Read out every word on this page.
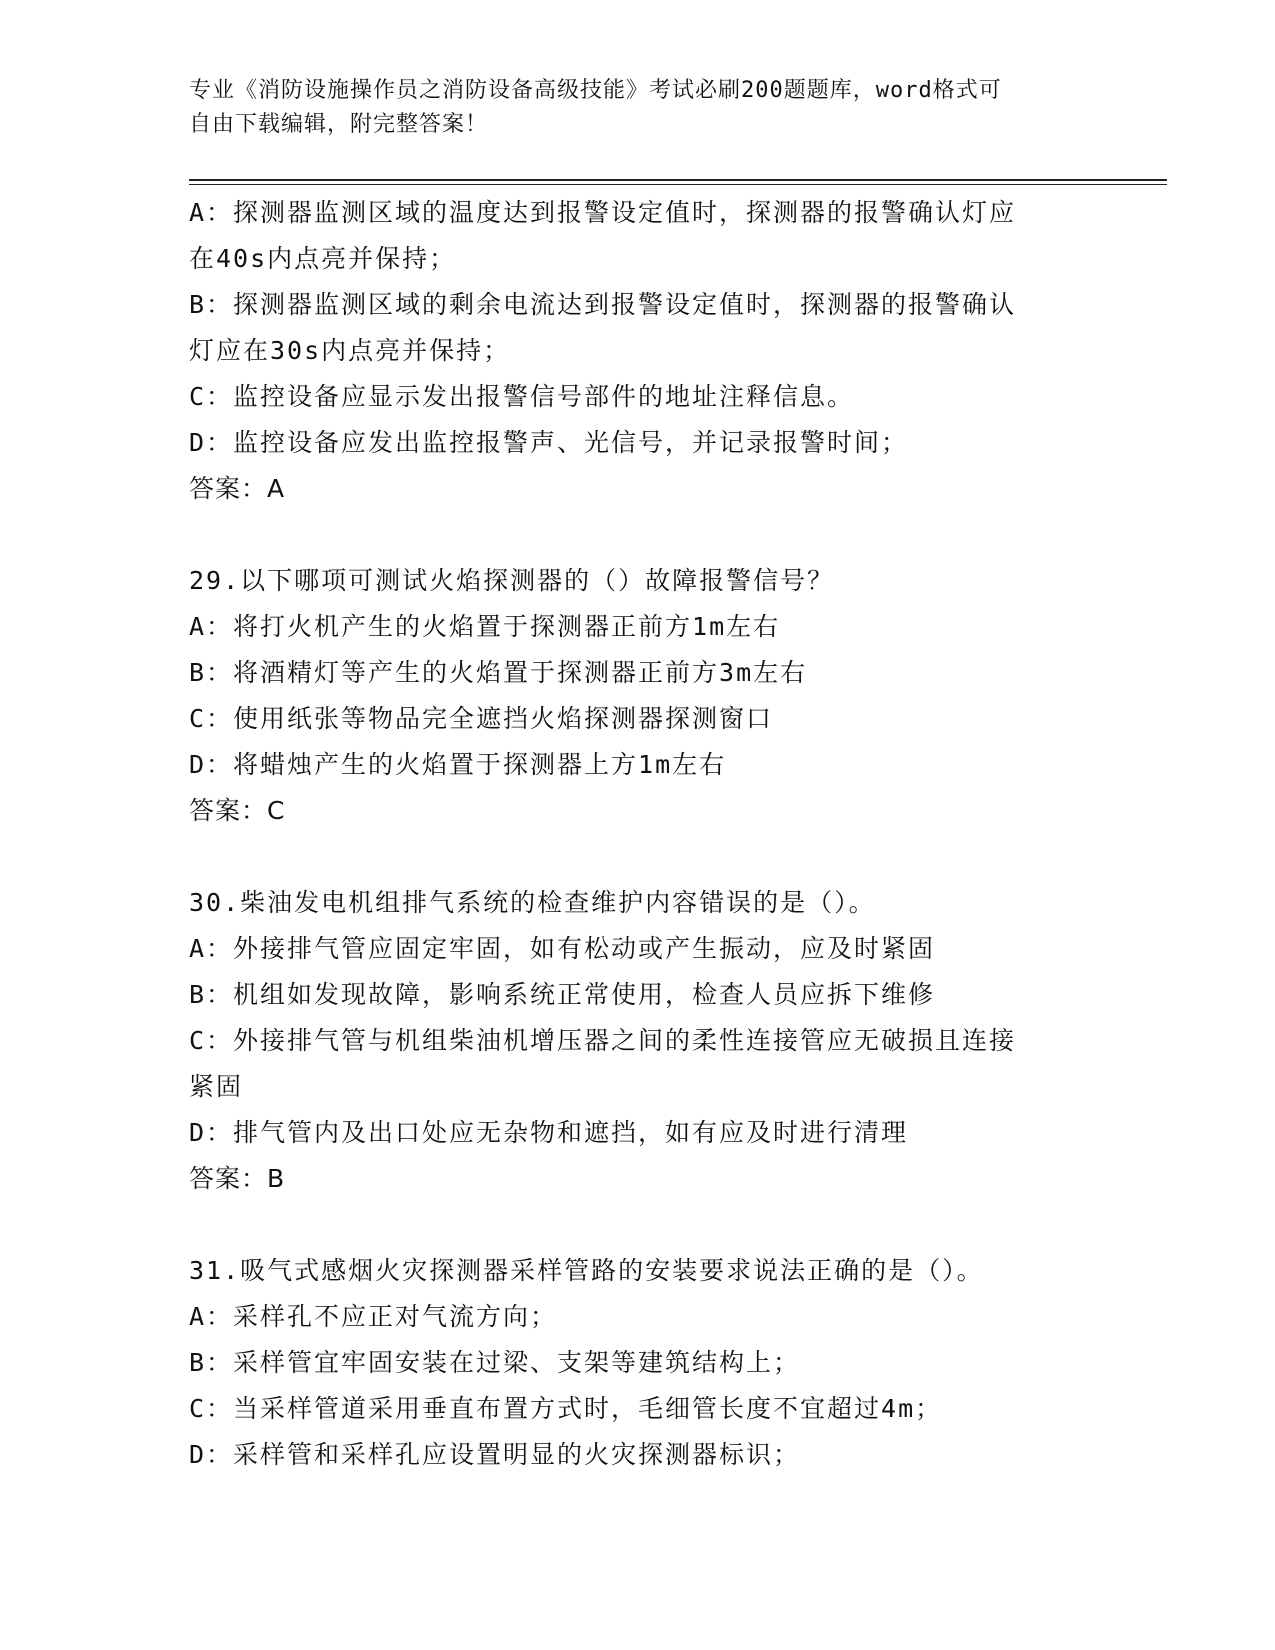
专业《消防设施操作员之消防设备高级技能》考试必刷200题题库，word格式可
自由下载编辑，附完整答案！
A：探测器监测区域的温度达到报警设定值时，探测器的报警确认灯应
在40s内点亮并保持；
B：探测器监测区域的剩余电流达到报警设定值时，探测器的报警确认
灯应在30s内点亮并保持；
C：监控设备应显示发出报警信号部件的地址注释信息。
D：监控设备应发出监控报警声、光信号，并记录报警时间；
答案：A
29.以下哪项可测试火焰探测器的（）故障报警信号？
A：将打火机产生的火焰置于探测器正前方1m左右
B：将酒精灯等产生的火焰置于探测器正前方3m左右
C：使用纸张等物品完全遮挡火焰探测器探测窗口
D：将蜡烛产生的火焰置于探测器上方1m左右
答案：C
30.柴油发电机组排气系统的检查维护内容错误的是（）。
A：外接排气管应固定牢固，如有松动或产生振动，应及时紧固
B：机组如发现故障，影响系统正常使用，检查人员应拆下维修
C：外接排气管与机组柴油机增压器之间的柔性连接管应无破损且连接
紧固
D：排气管内及出口处应无杂物和遮挡，如有应及时进行清理
答案：B
31.吸气式感烟火灾探测器采样管路的安装要求说法正确的是（）。
A：采样孔不应正对气流方向；
B：采样管宜牢固安装在过梁、支架等建筑结构上；
C：当采样管道采用垂直布置方式时，毛细管长度不宜超过4m；
D：采样管和采样孔应设置明显的火灾探测器标识；
